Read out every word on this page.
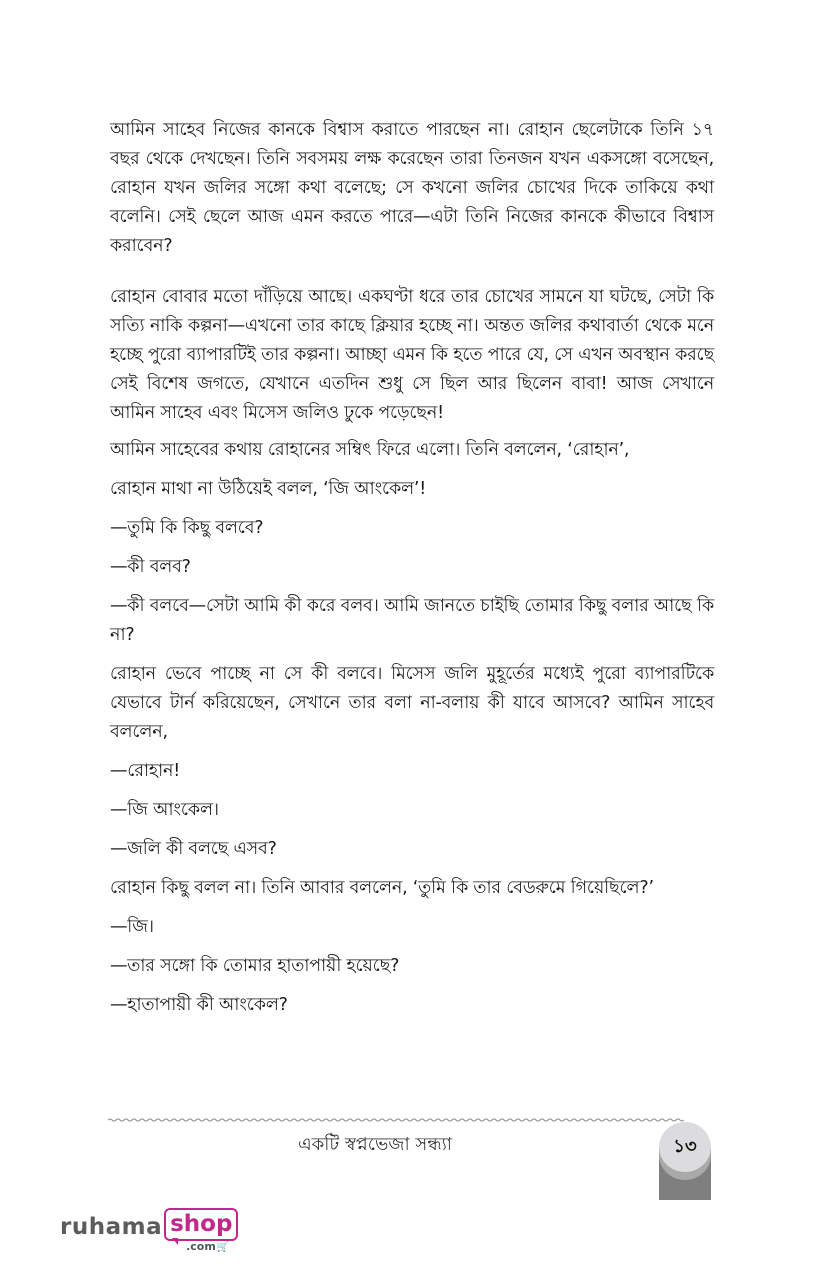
আমিন সাহেব নিজের কানকে বিশ্বাস করাতে পারছেন না। রোহান ছেলেটাকে তিনি ১৭ বছর থেকে দেখছেন। তিনি সবসময় লক্ষ করেছেন তারা তিনজন যখন একসঙ্গো বসেছেন, রোহান যখন জলির সঙ্গো কথা বলেছে; সে কখনো জলির চোখের দিকে তাকিয়ে কথা বলেনি। সেই ছেলে আজ এমন করতে পারে—এটা তিনি নিজের কানকে কীভাবে বিশ্বাস করাবেন?

রোহান বোবার মতো দাঁড়িয়ে আছে। একঘণ্টা ধরে তার চোখের সামনে যা ঘটছে, সেটা কি সত্যি নাকি কল্পনা—এখনো তার কাছে ক্লিয়ার হচ্ছে না। অন্তত জলির কথাবার্তা থেকে মনে হচ্ছে পুরো ব্যাপারটিই তার কল্পনা। আচ্ছা এমন কি হতে পারে যে, সে এখন অবস্থান করছে সেই বিশেষ জগতে, যেখানে এতদিন শুধু সে ছিল আর ছিলেন বাবা! আজ সেখানে আমিন সাহেব এবং মিসেস জলিও ঢুকে পড়েছেন!

আমিন সাহেবের কথায় রোহানের সম্বিৎ ফিরে এলো। তিনি বললেন, ‘রোহান’,

রোহান মাথা না উঠিয়েই বলল, ‘জি আংকেল’!

—তুমি কি কিছু বলবে?

—কী বলব?

—কী বলবে—সেটা আমি কী করে বলব। আমি জানতে চাইছি তোমার কিছু বলার আছে কি না?

রোহান ভেবে পাচ্ছে না সে কী বলবে। মিসেস জলি মুহূর্তের মধ্যেই পুরো ব্যাপারটিকে যেভাবে টার্ন করিয়েছেন, সেখানে তার বলা না-বলায় কী যাবে আসবে? আমিন সাহেব বললেন,

—রোহান!

—জি আংকেল।

—জলি কী বলছে এসব?

রোহান কিছু বলল না। তিনি আবার বললেন, ‘তুমি কি তার বেডরুমে গিয়েছিলে?’

—জি।

—তার সঙ্গো কি তোমার হাতাপায়ী হয়েছে?

—হাতাপায়ী কী আংকেল?

একটি স্বপ্নভেজা সন্ধ্যা	১৩
ruhama shop
.com🛒
